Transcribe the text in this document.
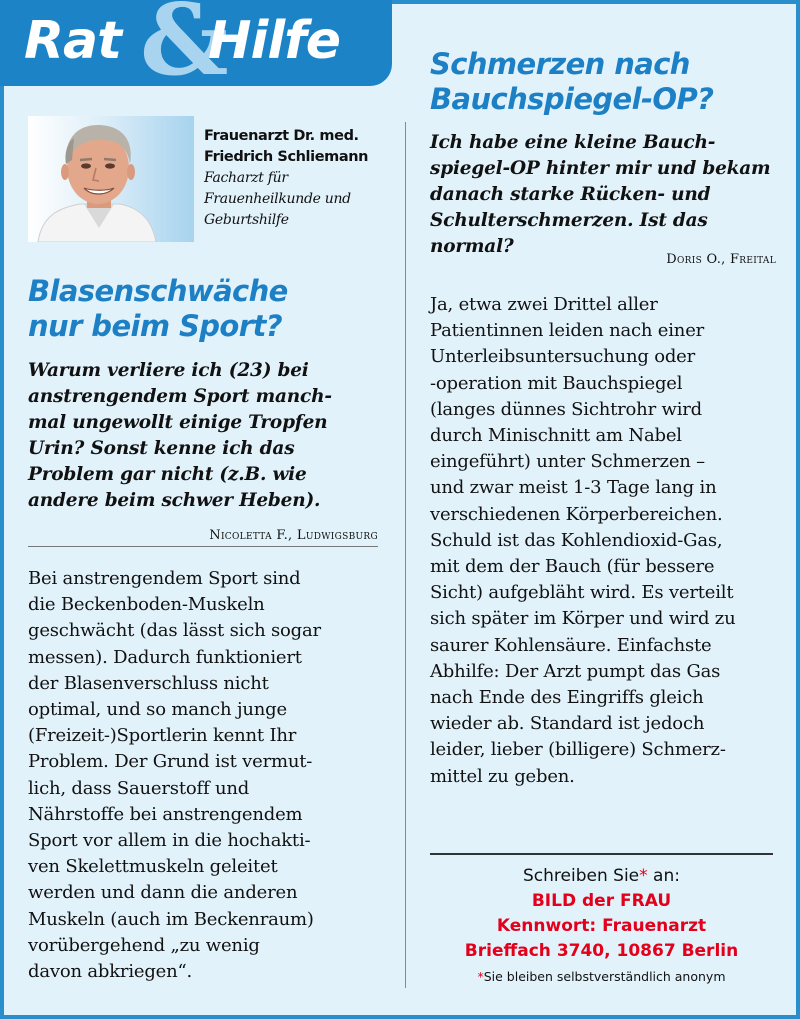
&
Rat Hilfe

Frauenarzt Dr. med.

Friedrich Schliemann

Facharzt für

Frauenheilkunde und

Geburtshilfe

Blasenschwäche
nur beim Sport?
Warum verliere ich (23) bei
anstrengendem Sport manch-
mal ungewollt einige Tropfen
Urin? Sonst kenne ich das
Problem gar nicht (z.B. wie
andere beim schwer Heben).

Nicoletta F., Ludwigsburg

Bei anstrengendem Sport sind
die Beckenboden-Muskeln
geschwächt (das lässt sich sogar
messen). Dadurch funktioniert
der Blasenverschluss nicht
optimal, und so manch junge
(Freizeit-)Sportlerin kennt Ihr
Problem. Der Grund ist vermut-
lich, dass Sauerstoff und
Nährstoffe bei anstrengendem
Sport vor allem in die hochakti-
ven Skelettmuskeln geleitet
werden und dann die anderen
Muskeln (auch im Beckenraum)
vorübergehend „zu wenig
davon abkriegen“.
Schmerzen nach
Bauchspiegel-OP?
Ich habe eine kleine Bauch-
spiegel-OP hinter mir und bekam
danach starke Rücken- und
Schulterschmerzen. Ist das
normal?

Doris O., Freital

Ja, etwa zwei Drittel aller
Patientinnen leiden nach einer
Unterleibsuntersuchung oder
-operation mit Bauchspiegel
(langes dünnes Sichtrohr wird
durch Minischnitt am Nabel
eingeführt) unter Schmerzen –
und zwar meist 1-3 Tage lang in
verschiedenen Körperbereichen.
Schuld ist das Kohlendioxid-Gas,
mit dem der Bauch (für bessere
Sicht) aufgebläht wird. Es verteilt
sich später im Körper und wird zu
saurer Kohlensäure. Einfachste
Abhilfe: Der Arzt pumpt das Gas
nach Ende des Eingriffs gleich
wieder ab. Standard ist jedoch
leider, lieber (billigere) Schmerz-
mittel zu geben.
Schreiben Sie* an:
BILD der FRAU
Kennwort: Frauenarzt
Brieffach 3740, 10867 Berlin
*Sie bleiben selbstverständlich anonym
